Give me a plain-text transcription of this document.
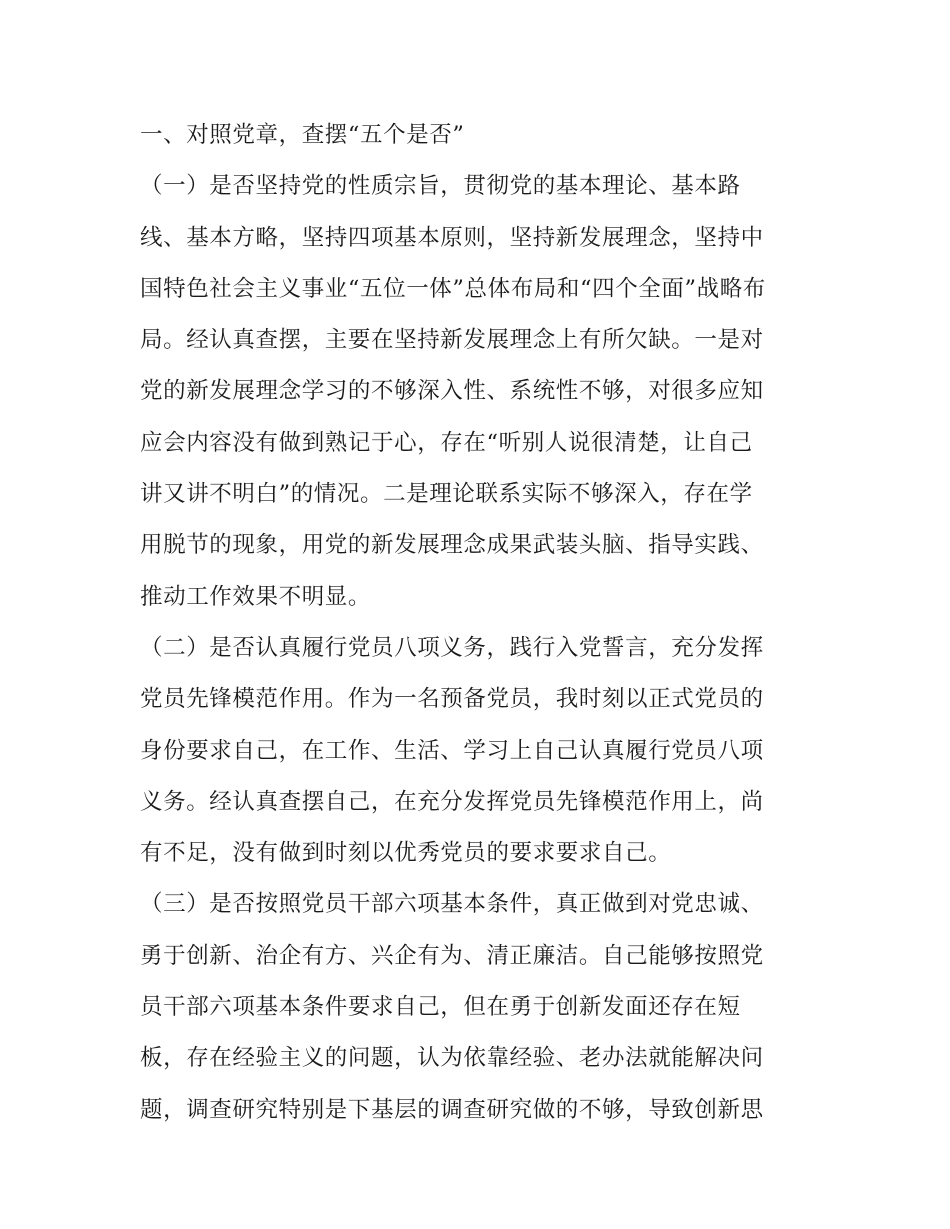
一、对照党章，查摆“五个是否”
（一）是否坚持党的性质宗旨，贯彻党的基本理论、基本路
线、基本方略，坚持四项基本原则，坚持新发展理念，坚持中
国特色社会主义事业“五位一体”总体布局和“四个全面”战略布
局。经认真查摆，主要在坚持新发展理念上有所欠缺。一是对
党的新发展理念学习的不够深入性、系统性不够，对很多应知
应会内容没有做到熟记于心，存在“听别人说很清楚，让自己
讲又讲不明白”的情况。二是理论联系实际不够深入，存在学
用脱节的现象，用党的新发展理念成果武装头脑、指导实践、
推动工作效果不明显。
（二）是否认真履行党员八项义务，践行入党誓言，充分发挥
党员先锋模范作用。作为一名预备党员，我时刻以正式党员的
身份要求自己，在工作、生活、学习上自己认真履行党员八项
义务。经认真查摆自己，在充分发挥党员先锋模范作用上，尚
有不足，没有做到时刻以优秀党员的要求要求自己。
（三）是否按照党员干部六项基本条件，真正做到对党忠诚、
勇于创新、治企有方、兴企有为、清正廉洁。自己能够按照党
员干部六项基本条件要求自己，但在勇于创新发面还存在短
板，存在经验主义的问题，认为依靠经验、老办法就能解决问
题，调查研究特别是下基层的调查研究做的不够，导致创新思
